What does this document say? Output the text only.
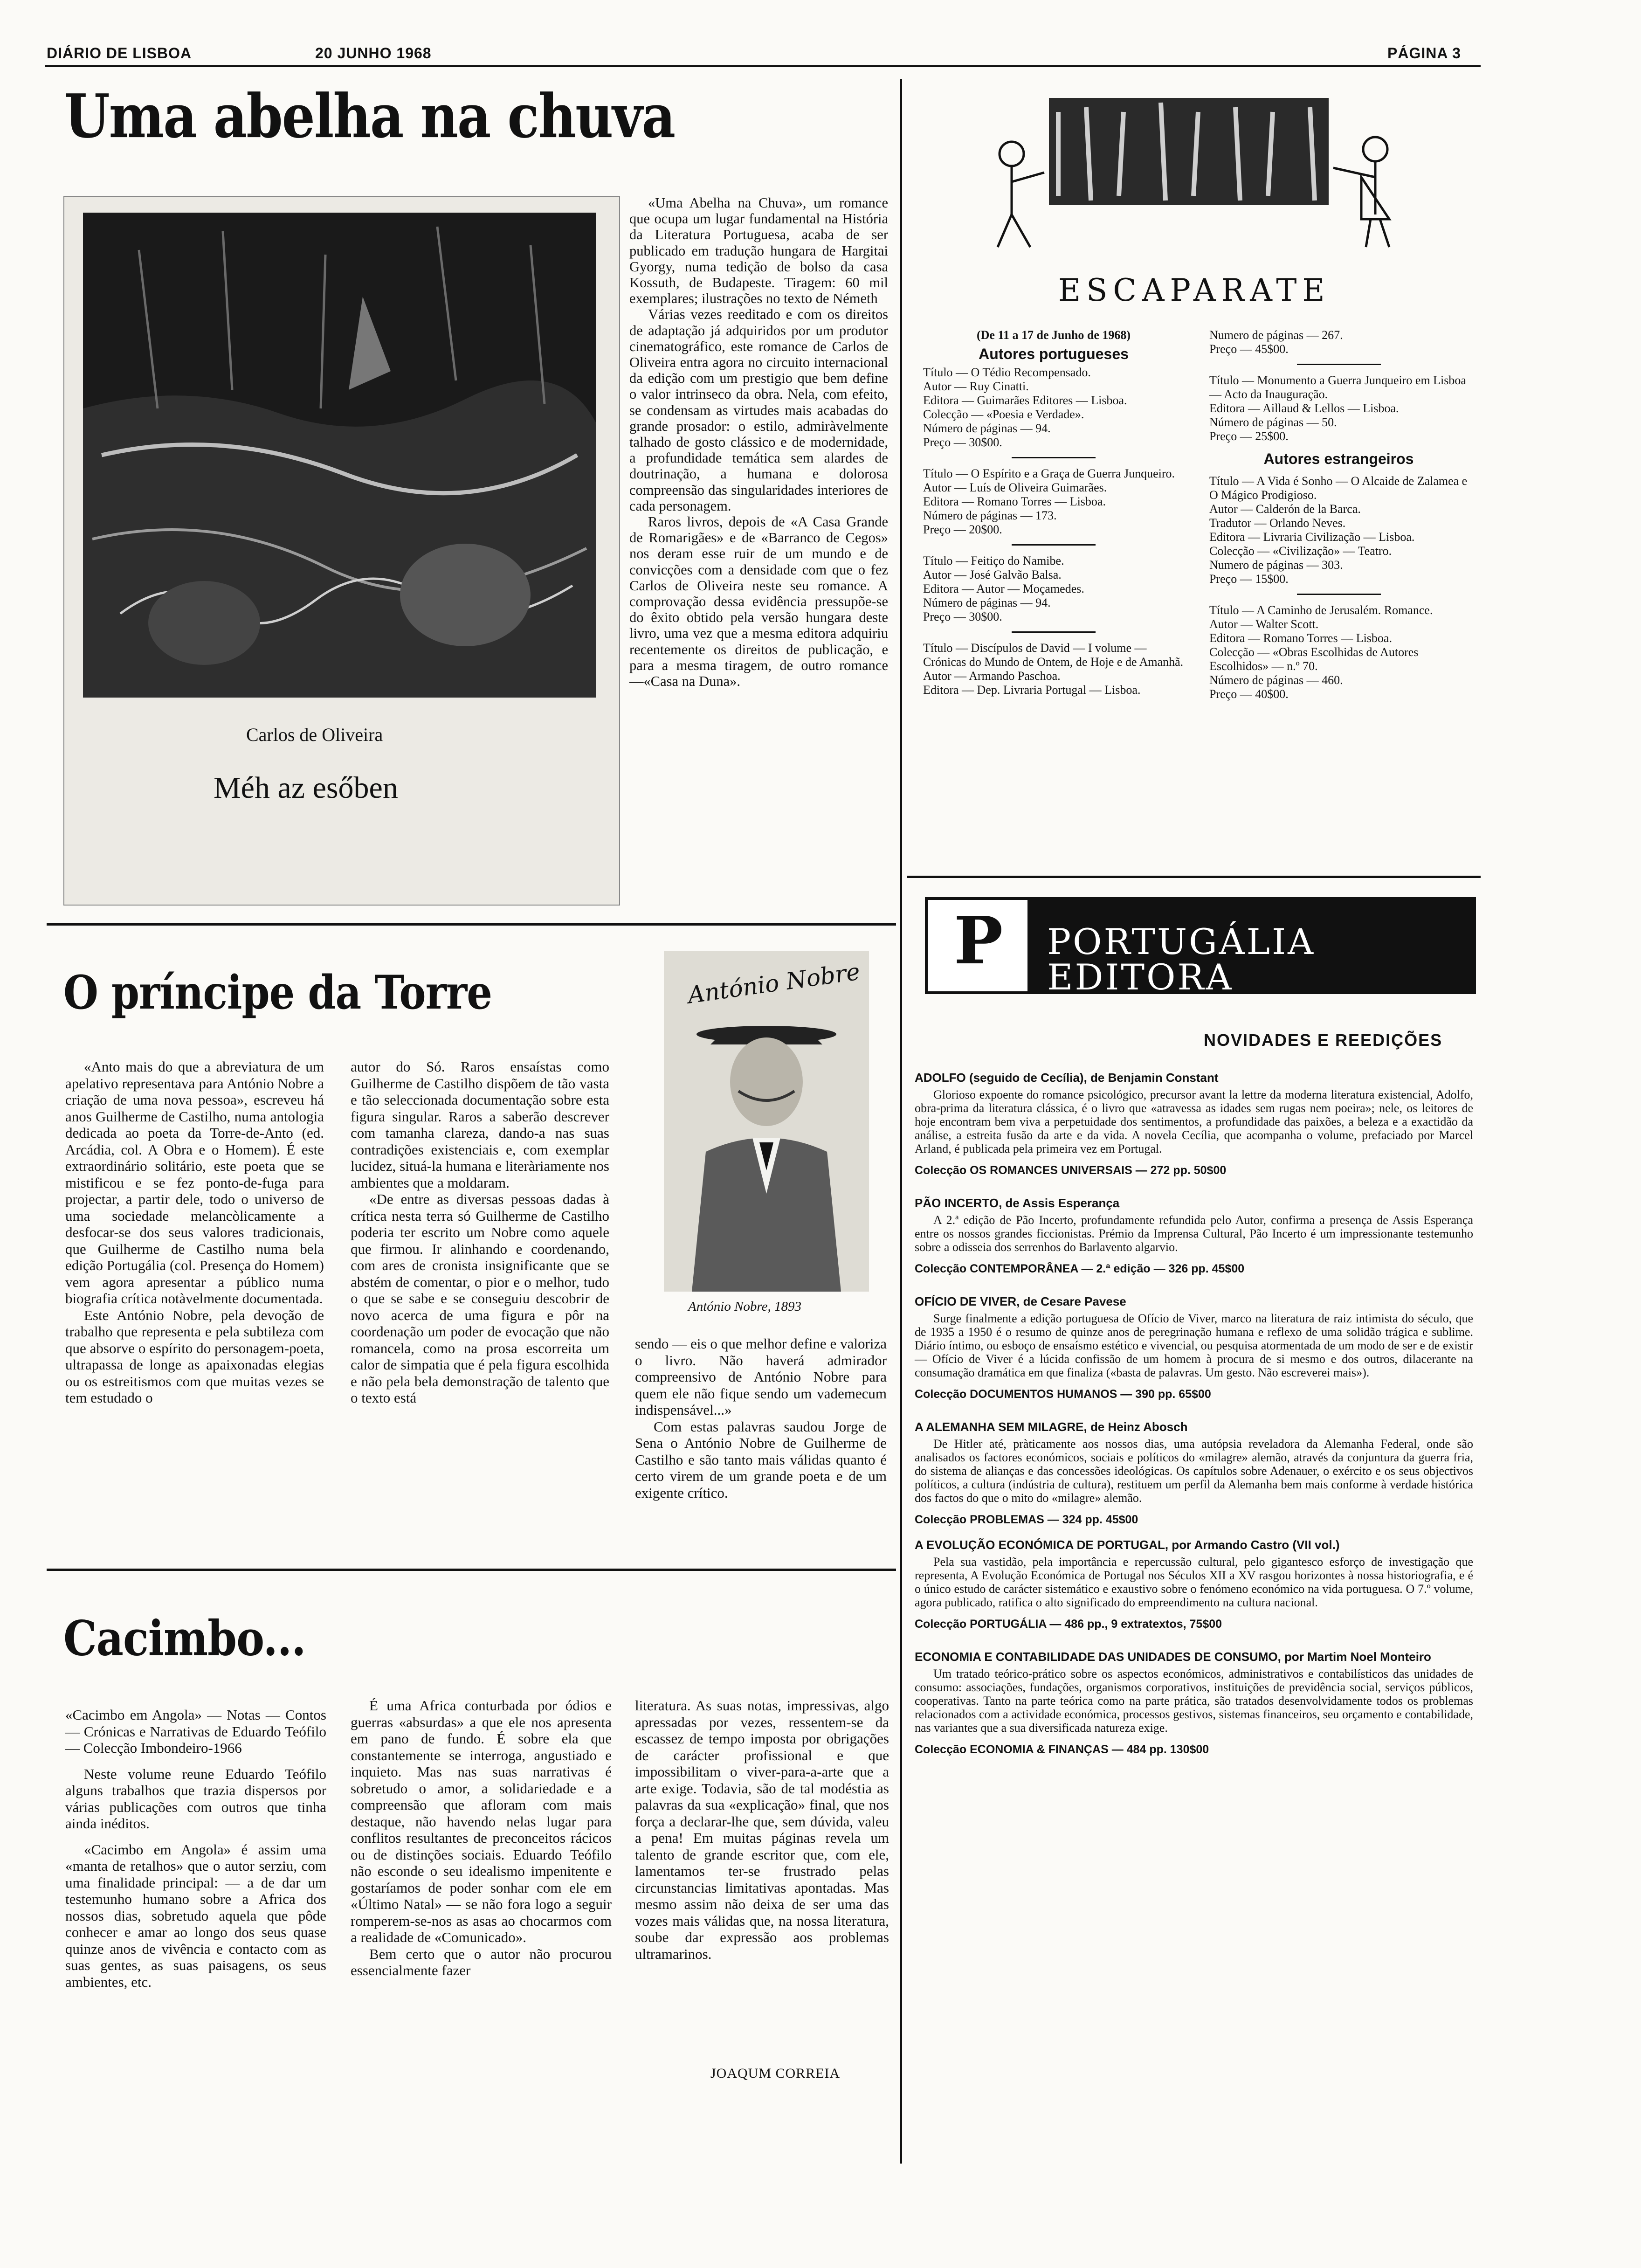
DIÁRIO DE LISBOA	20 JUNHO 1968	PÁGINA 3
Uma abelha na chuva
Carlos de Oliveira
Méh az esőben

«Uma Abelha na Chuva», um romance que ocupa um lugar fundamental na História da Literatura Portuguesa, acaba de ser publicado em tradução hungara de Hargitai Gyorgy, numa tedição de bolso da casa Kossuth, de Budapeste. Tiragem: 60 mil exemplares; ilustrações no texto de Németh

Várias vezes reeditado e com os direitos de adaptação já adquiridos por um produtor cinematográfico, este romance de Carlos de Oliveira entra agora no circuito internacional da edição com um prestigio que bem define o valor intrinseco da obra. Nela, com efeito, se condensam as virtudes mais acabadas do grande prosador: o estilo, admiràvelmente talhado de gosto clássico e de modernidade, a profundidade temática sem alardes de doutrinação, a humana e dolorosa compreensão das singularidades interiores de cada personagem.

Raros livros, depois de «A Casa Grande de Romarigães» e de «Barranco de Cegos» nos deram esse ruir de um mundo e de convicções com a densidade com que o fez Carlos de Oliveira neste seu romance. A comprovação dessa evidência pressupõe-se do êxito obtido pela versão hungara deste livro, uma vez que a mesma editora adquiriu recentemente os direitos de publicação, e para a mesma tiragem, de outro romance—«Casa na Duna».

O príncipe da Torre	António Nobre
António Nobre, 1893

«Anto mais do que a abreviatura de um apelativo representava para António Nobre a criação de uma nova pessoa», escreveu há anos Guilherme de Castilho, numa antologia dedicada ao poeta da Torre-de-Anto (ed. Arcádia, col. A Obra e o Homem). É este extraordinário solitário, este poeta que se mistificou e se fez ponto-de-fuga para projectar, a partir dele, todo o universo de uma sociedade melancòlicamente a desfocar-se dos seus valores tradicionais, que Guilherme de Castilho numa bela edição Portugália (col. Presença do Homem) vem agora apresentar a público numa biografia crítica notàvelmente documentada.

Este António Nobre, pela devoção de trabalho que representa e pela subtileza com que absorve o espírito do personagem-poeta, ultrapassa de longe as apaixonadas elegias ou os estreitismos com que muitas vezes se tem estudado o

autor do Só. Raros ensaístas como Guilherme de Castilho dispõem de tão vasta e tão seleccionada documentação sobre esta figura singular. Raros a saberão descrever com tamanha clareza, dando-a nas suas contradições existenciais e, com exemplar lucidez, situá-la humana e literàriamente nos ambientes que a moldaram.

«De entre as diversas pessoas dadas à crítica nesta terra só Guilherme de Castilho poderia ter escrito um Nobre como aquele que firmou. Ir alinhando e coordenando, com ares de cronista insignificante que se abstém de comentar, o pior e o melhor, tudo o que se sabe e se conseguiu descobrir de novo acerca de uma figura e pôr na coordenação um poder de evocação que não romancela, como na prosa escorreita um calor de simpatia que é pela figura escolhida e não pela bela demonstração de talento que o texto está

sendo — eis o que melhor define e valoriza o livro. Não haverá admirador compreensivo de António Nobre para quem ele não fique sendo um vademecum indispensável...»

Com estas palavras saudou Jorge de Sena o António Nobre de Guilherme de Castilho e são tanto mais válidas quanto é certo virem de um grande poeta e de um exigente crítico.

Cacimbo...

«Cacimbo em Angola» — Notas — Contos — Crónicas e Narrativas de Eduardo Teófilo — Colecção Imbondeiro-1966

Neste volume reune Eduardo Teófilo alguns trabalhos que trazia dispersos por várias publicações com outros que tinha ainda inéditos.

«Cacimbo em Angola» é assim uma «manta de retalhos» que o autor serziu, com uma finalidade principal: — a de dar um testemunho humano sobre a Africa dos nossos dias, sobretudo aquela que pôde conhecer e amar ao longo dos seus quase quinze anos de vivência e contacto com as suas gentes, as suas paisagens, os seus ambientes, etc.

É uma Africa conturbada por ódios e guerras «absurdas» a que ele nos apresenta em pano de fundo. É sobre ela que constantemente se interroga, angustiado e inquieto. Mas nas suas narrativas é sobretudo o amor, a solidariedade e a compreensão que afloram com mais destaque, não havendo nelas lugar para conflitos resultantes de preconceitos rácicos ou de distinções sociais. Eduardo Teófilo não esconde o seu idealismo impenitente e gostaríamos de poder sonhar com ele em «Último Natal» — se não fora logo a seguir romperem-se-nos as asas ao chocarmos com a realidade de «Comunicado».

Bem certo que o autor não procurou essencialmente fazer

literatura. As suas notas, impressivas, algo apressadas por vezes, ressentem-se da escassez de tempo imposta por obrigações de carácter profissional e que impossibilitam o viver-para-a-arte que a arte exige. Todavia, são de tal modéstia as palavras da sua «explicação» final, que nos força a declarar-lhe que, sem dúvida, valeu a pena! Em muitas páginas revela um talento de grande escritor que, com ele, lamentamos ter-se frustrado pelas circunstancias limitativas apontadas. Mas mesmo assim não deixa de ser uma das vozes mais válidas que, na nossa literatura, soube dar expressão aos problemas ultramarinos.

JOAQUM CORREIA
ESCAPARATE
(De 11 a 17 de Junho de 1968)
Autores portugueses

Título — O Tédio Recompensado.

Autor — Ruy Cinatti.

Editora — Guimarães Editores — Lisboa.

Colecção — «Poesia e Verdade».

Número de páginas — 94.

Preço — 30$00.

Título — O Espírito e a Graça de Guerra Junqueiro.

Autor — Luís de Oliveira Guimarães.

Editora — Romano Torres — Lisboa.

Número de páginas — 173.

Preço — 20$00.

Título — Feitiço do Namibe.

Autor — José Galvão Balsa.

Editora — Autor — Moçamedes.

Número de páginas — 94.

Preço — 30$00.

Título — Discípulos de David — I volume — Crónicas do Mundo de Ontem, de Hoje e de Amanhã.

Autor — Armando Paschoa.

Editora — Dep. Livraria Portugal — Lisboa.

Numero de páginas — 267.

Preço — 45$00.

Título — Monumento a Guerra Junqueiro em Lisboa — Acto da Inauguração.

Editora — Aillaud & Lellos — Lisboa.

Número de páginas — 50.

Preço — 25$00.

Autores estrangeiros

Título — A Vida é Sonho — O Alcaide de Zalamea e O Mágico Prodigioso.

Autor — Calderón de la Barca.

Tradutor — Orlando Neves.

Editora — Livraria Civilização — Lisboa.

Colecção — «Civilização» — Teatro.

Numero de páginas — 303.

Preço — 15$00.

Título — A Caminho de Jerusalém. Romance.

Autor — Walter Scott.

Editora — Romano Torres — Lisboa.

Colecção — «Obras Escolhidas de Autores Escolhidos» — n.º 70.

Número de páginas — 460.

Preço — 40$00.

P PORTUGÁLIA EDITORA
NOVIDADES E REEDIÇÕES

ADOLFO (seguido de Cecília), de Benjamin Constant

Glorioso expoente do romance psicológico, precursor avant la lettre da moderna literatura existencial, Adolfo, obra-prima da literatura clássica, é o livro que «atravessa as idades sem rugas nem poeira»; nele, os leitores de hoje encontram bem viva a perpetuidade dos sentimentos, a profundidade das paixões, a beleza e a exactidão da análise, a estreita fusão da arte e da vida. A novela Cecília, que acompanha o volume, prefaciado por Marcel Arland, é publicada pela primeira vez em Portugal.

Colecção OS ROMANCES UNIVERSAIS — 272 pp. 50$00

PÃO INCERTO, de Assis Esperança

A 2.ª edição de Pão Incerto, profundamente refundida pelo Autor, confirma a presença de Assis Esperança entre os nossos grandes ficcionistas. Prémio da Imprensa Cultural, Pão Incerto é um impressionante testemunho sobre a odisseia dos serrenhos do Barlavento algarvio.

Colecção CONTEMPORÂNEA — 2.ª edição — 326 pp. 45$00

OFÍCIO DE VIVER, de Cesare Pavese

Surge finalmente a edição portuguesa de Ofício de Viver, marco na literatura de raiz intimista do século, que de 1935 a 1950 é o resumo de quinze anos de peregrinação humana e reflexo de uma solidão trágica e sublime. Diário íntimo, ou esboço de ensaísmo estético e vivencial, ou pesquisa atormentada de um modo de ser e de existir — Ofício de Viver é a lúcida confissão de um homem à procura de si mesmo e dos outros, dilacerante na consumação dramática em que finaliza («basta de palavras. Um gesto. Não escreverei mais»).

Colecção DOCUMENTOS HUMANOS — 390 pp. 65$00

A ALEMANHA SEM MILAGRE, de Heinz Abosch

De Hitler até, pràticamente aos nossos dias, uma autópsia reveladora da Alemanha Federal, onde são analisados os factores económicos, sociais e políticos do «milagre» alemão, através da conjuntura da guerra fria, do sistema de alianças e das concessões ideológicas. Os capítulos sobre Adenauer, o exército e os seus objectivos políticos, a cultura (indústria de cultura), restituem um perfil da Alemanha bem mais conforme à verdade histórica dos factos do que o mito do «milagre» alemão.

Colecção PROBLEMAS — 324 pp. 45$00

A EVOLUÇÃO ECONÓMICA DE PORTUGAL, por Armando Castro (VII vol.)

Pela sua vastidão, pela importância e repercussão cultural, pelo gigantesco esforço de investigação que representa, A Evolução Económica de Portugal nos Séculos XII a XV rasgou horizontes à nossa historiografia, e é o único estudo de carácter sistemático e exaustivo sobre o fenómeno económico na vida portuguesa. O 7.º volume, agora publicado, ratifica o alto significado do empreendimento na cultura nacional.

Colecção PORTUGÁLIA — 486 pp., 9 extratextos, 75$00

ECONOMIA E CONTABILIDADE DAS UNIDADES DE CONSUMO, por Martim Noel Monteiro

Um tratado teórico-prático sobre os aspectos económicos, administrativos e contabilísticos das unidades de consumo: associações, fundações, organismos corporativos, instituições de previdência social, serviços públicos, cooperativas. Tanto na parte teórica como na parte prática, são tratados desenvolvidamente todos os problemas relacionados com a actividade económica, processos gestivos, sistemas financeiros, seu orçamento e contabilidade, nas variantes que a sua diversificada natureza exige.

Colecção ECONOMIA & FINANÇAS — 484 pp. 130$00
